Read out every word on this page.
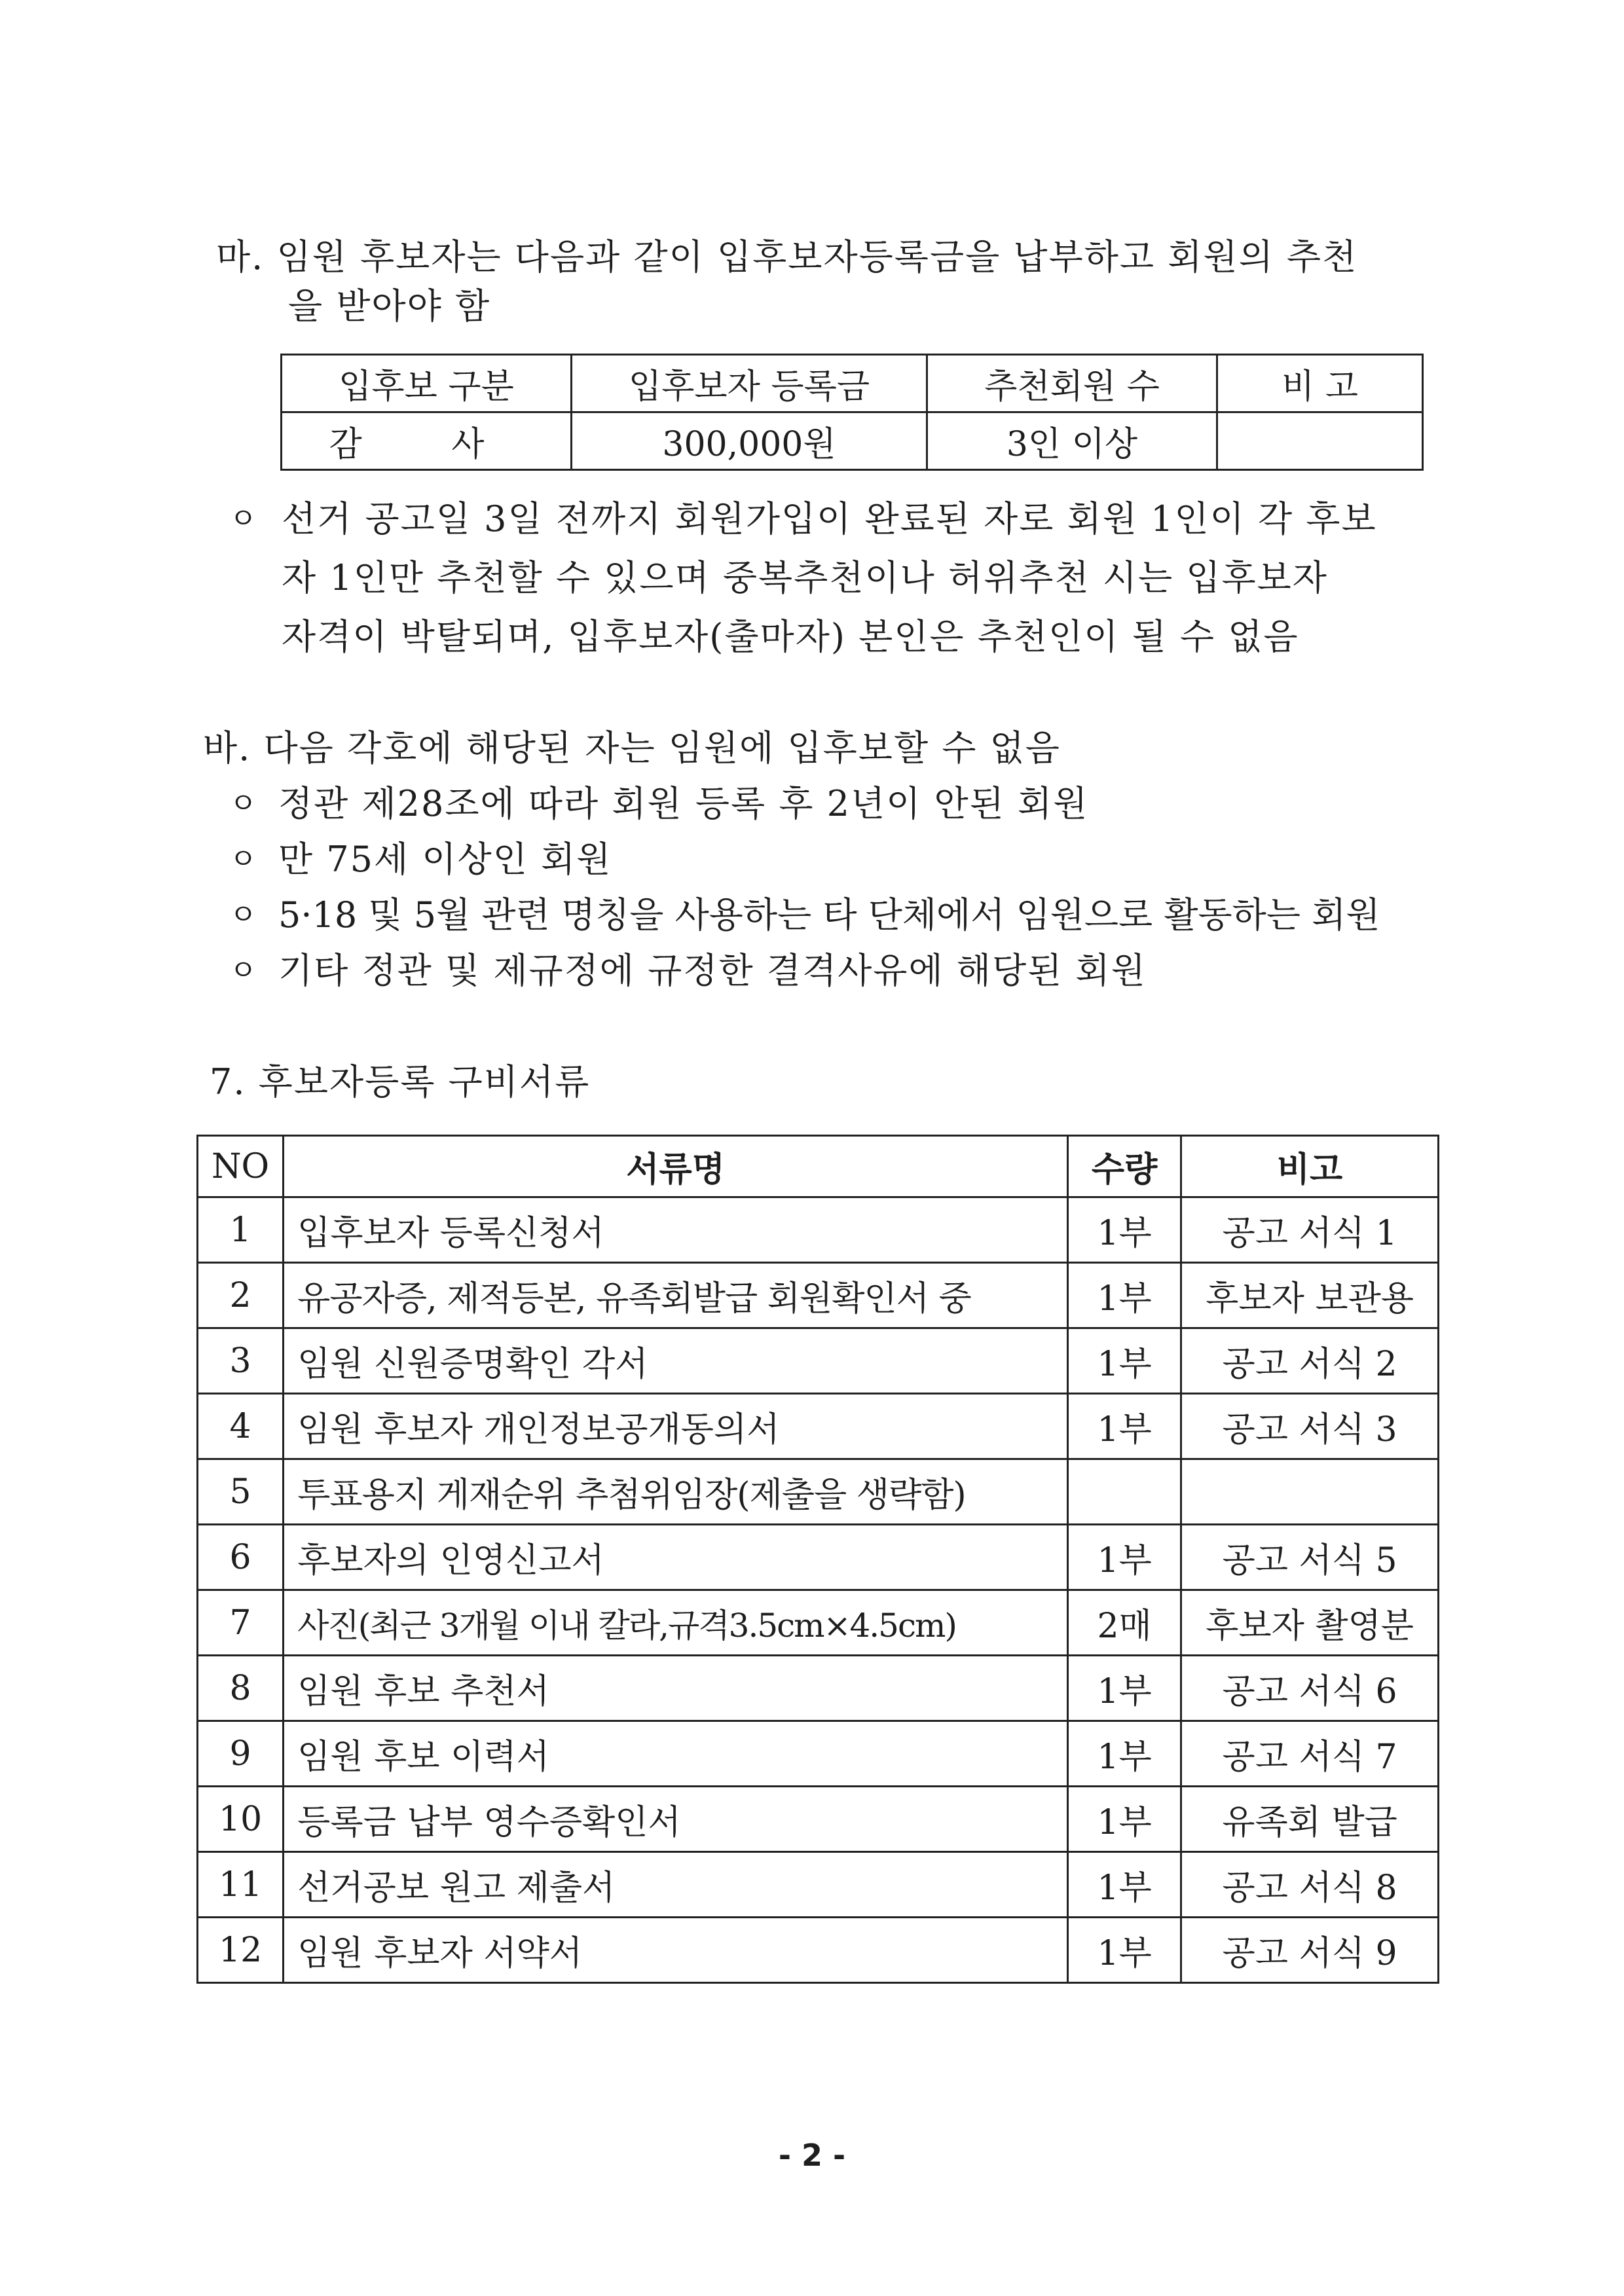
마. 임원 후보자는 다음과 같이 입후보자등록금을 납부하고 회원의 추천
을 받아야 함
입후보 구분	입후보자 등록금	추천회원 수	비 고
감 사	300,000원	3인 이상	
ㅇ 선거 공고일 3일 전까지 회원가입이 완료된 자로 회원 1인이 각 후보
자 1인만 추천할 수 있으며 중복추천이나 허위추천 시는 입후보자
자격이 박탈되며, 입후보자(출마자) 본인은 추천인이 될 수 없음
바. 다음 각호에 해당된 자는 임원에 입후보할 수 없음
ㅇ 정관 제28조에 따라 회원 등록 후 2년이 안된 회원
ㅇ 만 75세 이상인 회원
ㅇ 5·18 및 5월 관련 명칭을 사용하는 타 단체에서 임원으로 활동하는 회원
ㅇ 기타 정관 및 제규정에 규정한 결격사유에 해당된 회원
7. 후보자등록 구비서류
NO	서류명	수량	비고
1	입후보자 등록신청서	1부	공고 서식 1
2	유공자증, 제적등본, 유족회발급 회원확인서 중	1부	후보자 보관용
3	임원 신원증명확인 각서	1부	공고 서식 2
4	임원 후보자 개인정보공개동의서	1부	공고 서식 3
5	투표용지 게재순위 추첨위임장(제출을 생략함)		
6	후보자의 인영신고서	1부	공고 서식 5
7	사진(최근 3개월 이내 칼라,규격3.5cm×4.5cm)	2매	후보자 촬영분
8	임원 후보 추천서	1부	공고 서식 6
9	임원 후보 이력서	1부	공고 서식 7
10	등록금 납부 영수증확인서	1부	유족회 발급
11	선거공보 원고 제출서	1부	공고 서식 8
12	임원 후보자 서약서	1부	공고 서식 9
- 2 -
